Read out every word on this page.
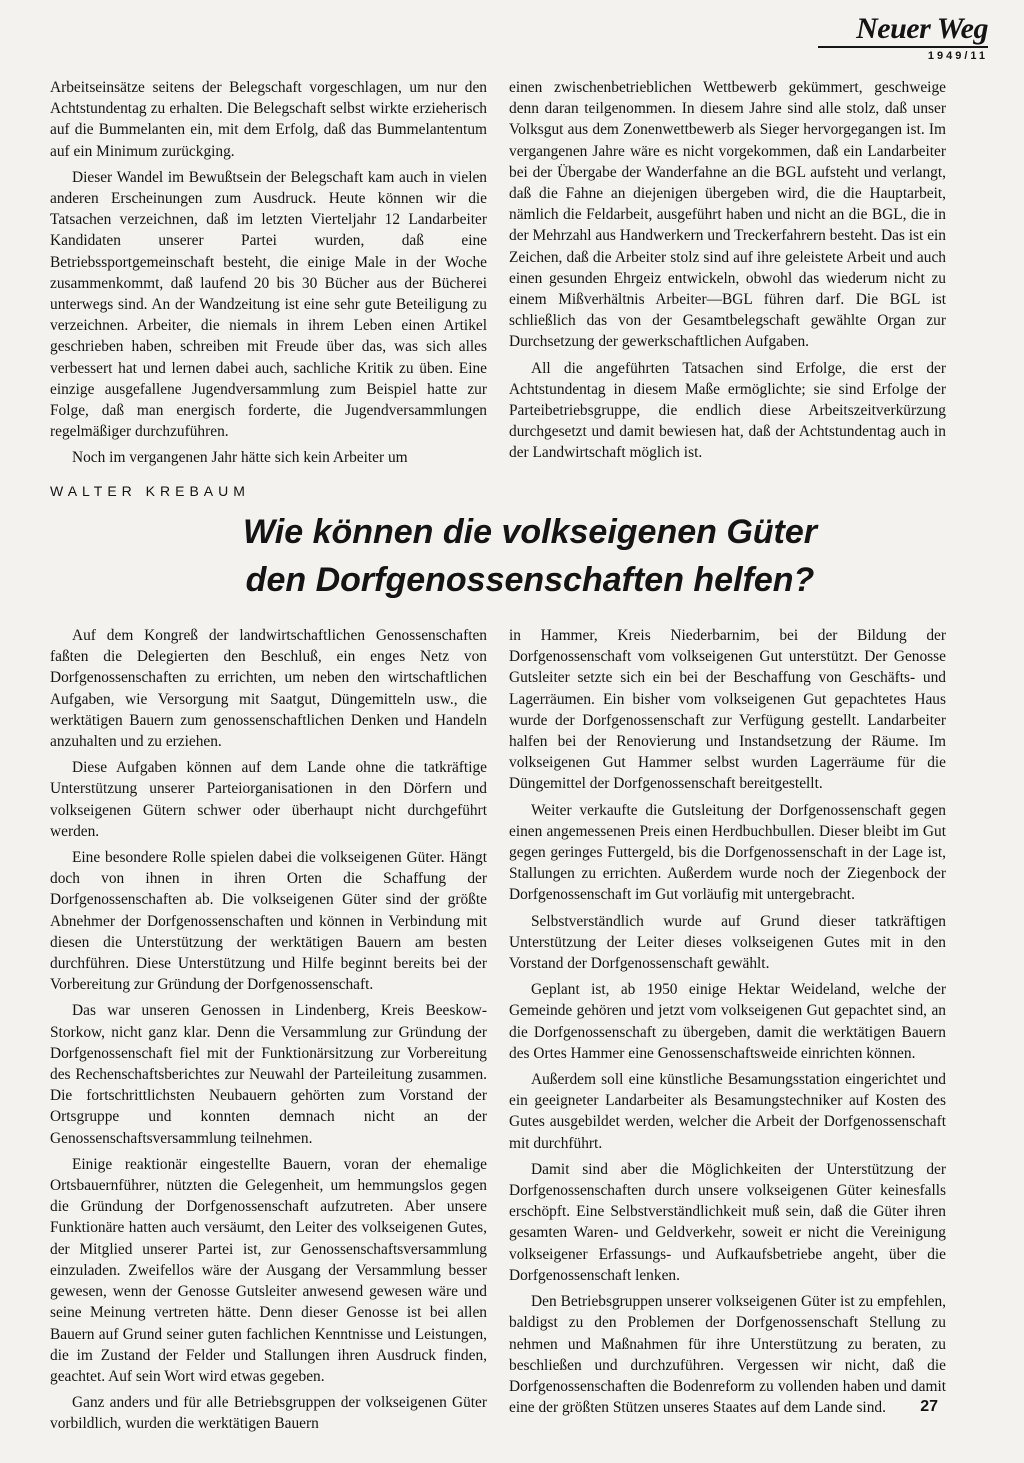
Neuer Weg
1949/11

Arbeitseinsätze seitens der Belegschaft vorgeschlagen, um nur den Achtstundentag zu erhalten. Die Belegschaft selbst wirkte erzieherisch auf die Bummelanten ein, mit dem Erfolg, daß das Bummelantentum auf ein Minimum zurückging.

Dieser Wandel im Bewußtsein der Belegschaft kam auch in vielen anderen Erscheinungen zum Ausdruck. Heute können wir die Tatsachen verzeichnen, daß im letzten Vierteljahr 12 Landarbeiter Kandidaten unserer Partei wurden, daß eine Betriebssportgemeinschaft besteht, die einige Male in der Woche zusammenkommt, daß laufend 20 bis 30 Bücher aus der Bücherei unterwegs sind. An der Wandzeitung ist eine sehr gute Beteiligung zu verzeichnen. Arbeiter, die niemals in ihrem Leben einen Artikel geschrieben haben, schreiben mit Freude über das, was sich alles verbessert hat und lernen dabei auch, sachliche Kritik zu üben. Eine einzige ausgefallene Jugendversammlung zum Beispiel hatte zur Folge, daß man energisch forderte, die Jugendversammlungen regelmäßiger durchzuführen.

Noch im vergangenen Jahr hätte sich kein Arbeiter um

einen zwischenbetrieblichen Wettbewerb gekümmert, geschweige denn daran teilgenommen. In diesem Jahre sind alle stolz, daß unser Volksgut aus dem Zonenwettbewerb als Sieger hervorgegangen ist. Im vergangenen Jahre wäre es nicht vorgekommen, daß ein Landarbeiter bei der Übergabe der Wanderfahne an die BGL aufsteht und verlangt, daß die Fahne an diejenigen übergeben wird, die die Hauptarbeit, nämlich die Feldarbeit, ausgeführt haben und nicht an die BGL, die in der Mehrzahl aus Handwerkern und Treckerfahrern besteht. Das ist ein Zeichen, daß die Arbeiter stolz sind auf ihre geleistete Arbeit und auch einen gesunden Ehrgeiz entwickeln, obwohl das wiederum nicht zu einem Mißverhältnis Arbeiter—BGL führen darf. Die BGL ist schließlich das von der Gesamtbelegschaft gewählte Organ zur Durchsetzung der gewerkschaftlichen Aufgaben.

All die angeführten Tatsachen sind Erfolge, die erst der Achtstundentag in diesem Maße ermöglichte; sie sind Erfolge der Parteibetriebsgruppe, die endlich diese Arbeitszeitverkürzung durchgesetzt und damit bewiesen hat, daß der Achtstundentag auch in der Landwirtschaft möglich ist.

WALTER KREBAUM
Wie können die volkseigenen Güter
den Dorfgenossenschaften helfen?

Auf dem Kongreß der landwirtschaftlichen Genossenschaften faßten die Delegierten den Beschluß, ein enges Netz von Dorfgenossenschaften zu errichten, um neben den wirtschaftlichen Aufgaben, wie Versorgung mit Saatgut, Düngemitteln usw., die werktätigen Bauern zum genossenschaftlichen Denken und Handeln anzuhalten und zu erziehen.

Diese Aufgaben können auf dem Lande ohne die tatkräftige Unterstützung unserer Parteiorganisationen in den Dörfern und volkseigenen Gütern schwer oder überhaupt nicht durchgeführt werden.

Eine besondere Rolle spielen dabei die volkseigenen Güter. Hängt doch von ihnen in ihren Orten die Schaffung der Dorfgenossenschaften ab. Die volkseigenen Güter sind der größte Abnehmer der Dorfgenossenschaften und können in Verbindung mit diesen die Unterstützung der werktätigen Bauern am besten durchführen. Diese Unterstützung und Hilfe beginnt bereits bei der Vorbereitung zur Gründung der Dorfgenossenschaft.

Das war unseren Genossen in Lindenberg, Kreis Beeskow-Storkow, nicht ganz klar. Denn die Versammlung zur Gründung der Dorfgenossenschaft fiel mit der Funktionärsitzung zur Vorbereitung des Rechenschaftsberichtes zur Neuwahl der Parteileitung zusammen. Die fortschrittlichsten Neubauern gehörten zum Vorstand der Ortsgruppe und konnten demnach nicht an der Genossenschaftsversammlung teilnehmen.

Einige reaktionär eingestellte Bauern, voran der ehemalige Ortsbauernführer, nützten die Gelegenheit, um hemmungslos gegen die Gründung der Dorfgenossenschaft aufzutreten. Aber unsere Funktionäre hatten auch versäumt, den Leiter des volkseigenen Gutes, der Mitglied unserer Partei ist, zur Genossenschaftsversammlung einzuladen. Zweifellos wäre der Ausgang der Versammlung besser gewesen, wenn der Genosse Gutsleiter anwesend gewesen wäre und seine Meinung vertreten hätte. Denn dieser Genosse ist bei allen Bauern auf Grund seiner guten fachlichen Kenntnisse und Leistungen, die im Zustand der Felder und Stallungen ihren Ausdruck finden, geachtet. Auf sein Wort wird etwas gegeben.

Ganz anders und für alle Betriebsgruppen der volkseigenen Güter vorbildlich, wurden die werktätigen Bauern

in Hammer, Kreis Niederbarnim, bei der Bildung der Dorfgenossenschaft vom volkseigenen Gut unterstützt. Der Genosse Gutsleiter setzte sich ein bei der Beschaffung von Geschäfts- und Lagerräumen. Ein bisher vom volkseigenen Gut gepachtetes Haus wurde der Dorfgenossenschaft zur Verfügung gestellt. Landarbeiter halfen bei der Renovierung und Instandsetzung der Räume. Im volkseigenen Gut Hammer selbst wurden Lagerräume für die Düngemittel der Dorfgenossenschaft bereitgestellt.

Weiter verkaufte die Gutsleitung der Dorfgenossenschaft gegen einen angemessenen Preis einen Herdbuchbullen. Dieser bleibt im Gut gegen geringes Futtergeld, bis die Dorfgenossenschaft in der Lage ist, Stallungen zu errichten. Außerdem wurde noch der Ziegenbock der Dorfgenossenschaft im Gut vorläufig mit untergebracht.

Selbstverständlich wurde auf Grund dieser tatkräftigen Unterstützung der Leiter dieses volkseigenen Gutes mit in den Vorstand der Dorfgenossenschaft gewählt.

Geplant ist, ab 1950 einige Hektar Weideland, welche der Gemeinde gehören und jetzt vom volkseigenen Gut gepachtet sind, an die Dorfgenossenschaft zu übergeben, damit die werktätigen Bauern des Ortes Hammer eine Genossenschaftsweide einrichten können.

Außerdem soll eine künstliche Besamungsstation eingerichtet und ein geeigneter Landarbeiter als Besamungstechniker auf Kosten des Gutes ausgebildet werden, welcher die Arbeit der Dorfgenossenschaft mit durchführt.

Damit sind aber die Möglichkeiten der Unterstützung der Dorfgenossenschaften durch unsere volkseigenen Güter keinesfalls erschöpft. Eine Selbstverständlichkeit muß sein, daß die Güter ihren gesamten Waren- und Geldverkehr, soweit er nicht die Vereinigung volkseigener Erfassungs- und Aufkaufsbetriebe angeht, über die Dorfgenossenschaft lenken.

Den Betriebsgruppen unserer volkseigenen Güter ist zu empfehlen, baldigst zu den Problemen der Dorfgenossenschaft Stellung zu nehmen und Maßnahmen für ihre Unterstützung zu beraten, zu beschließen und durchzuführen. Vergessen wir nicht, daß die Dorfgenossenschaften die Bodenreform zu vollenden haben und damit eine der größten Stützen unseres Staates auf dem Lande sind.	27
